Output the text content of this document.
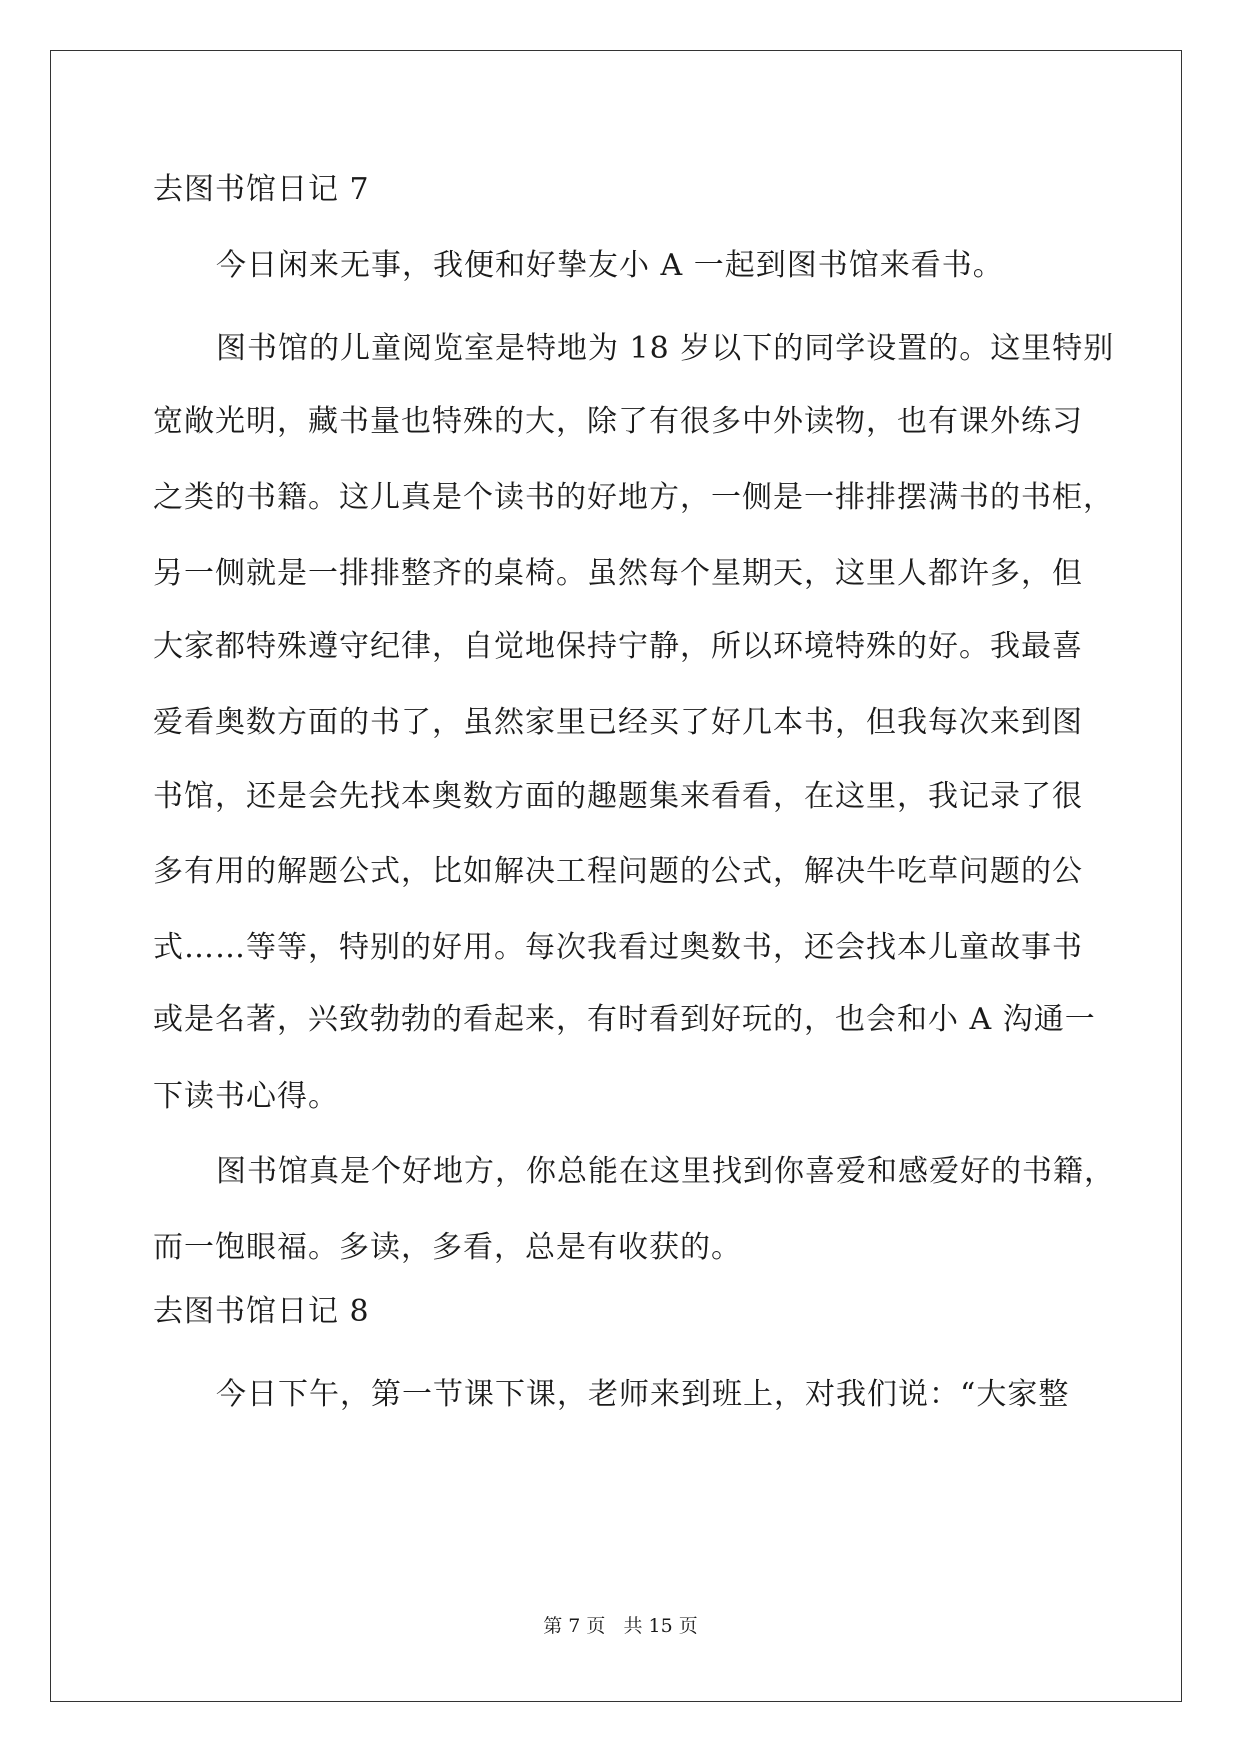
去图书馆日记 7
今日闲来无事，我便和好挚友小 A 一起到图书馆来看书。
图书馆的儿童阅览室是特地为 18 岁以下的同学设置的。这里特别
宽敞光明，藏书量也特殊的大，除了有很多中外读物，也有课外练习
之类的书籍。这儿真是个读书的好地方，一侧是一排排摆满书的书柜，
另一侧就是一排排整齐的桌椅。虽然每个星期天，这里人都许多，但
大家都特殊遵守纪律，自觉地保持宁静，所以环境特殊的好。我最喜
爱看奥数方面的书了，虽然家里已经买了好几本书，但我每次来到图
书馆，还是会先找本奥数方面的趣题集来看看，在这里，我记录了很
多有用的解题公式，比如解决工程问题的公式，解决牛吃草问题的公
式……等等，特别的好用。每次我看过奥数书，还会找本儿童故事书
或是名著，兴致勃勃的看起来，有时看到好玩的，也会和小 A 沟通一
下读书心得。
图书馆真是个好地方，你总能在这里找到你喜爱和感爱好的书籍，
而一饱眼福。多读，多看，总是有收获的。
去图书馆日记 8
今日下午，第一节课下课，老师来到班上，对我们说：“大家整
第 7 页 共 15 页
